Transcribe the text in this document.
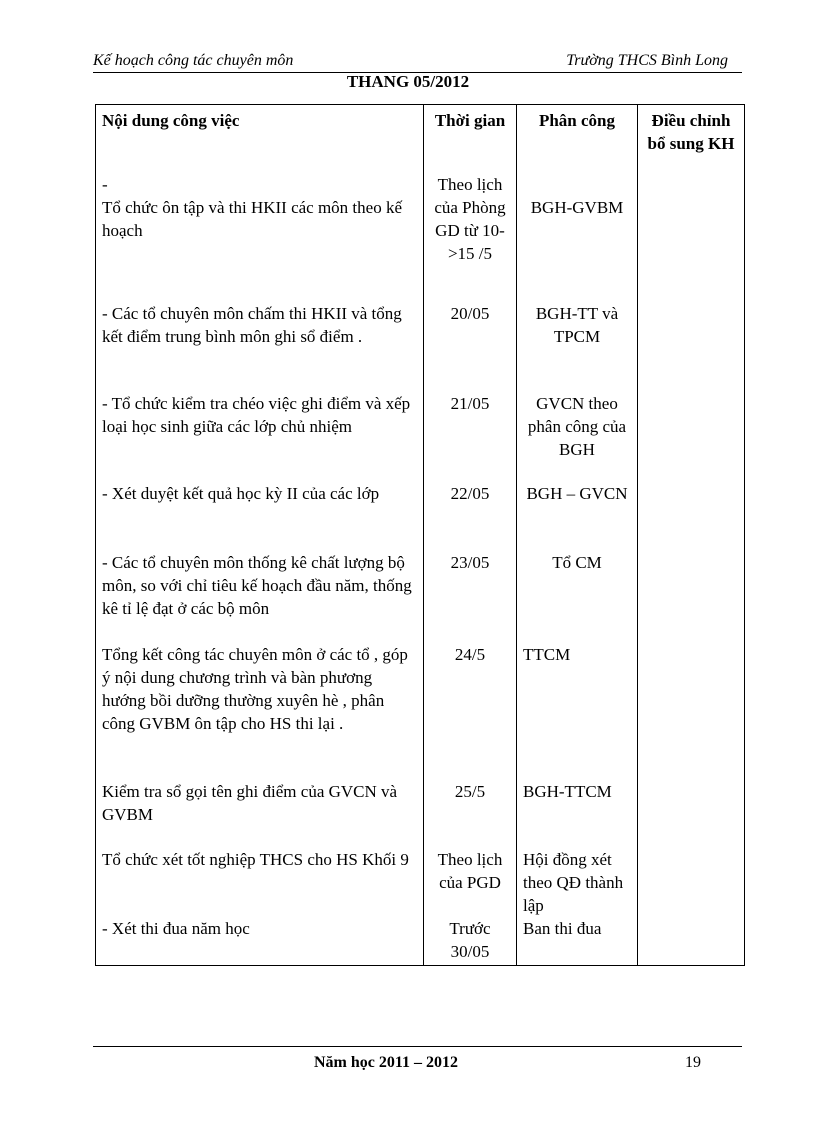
Kế hoạch công tác chuyên môn	Trường THCS Bình Long
THANG 05/2012
Nội dung công việc	Thời gian	Phân công	Điều chỉnh bổ sung KH
-
Tổ chức ôn tập và thi HKII các môn theo kế hoạch	Theo lịch của Phòng GD từ 10->15 /5	BGH-GVBM	
- Các tổ chuyên môn chấm thi HKII và tổng kết điểm trung bình môn ghi sổ điểm .	20/05	BGH-TT và TPCM	
- Tổ chức kiểm tra chéo việc ghi điểm và xếp loại học sinh giữa các lớp chủ nhiệm	21/05	GVCN theo phân công của BGH	
- Xét duyệt kết quả học kỳ II của các lớp	22/05	BGH – GVCN	
- Các tổ chuyên môn thống kê chất lượng bộ môn, so với chỉ tiêu kế hoạch đầu năm, thống kê tỉ lệ đạt ở các bộ môn	23/05	Tổ CM	
Tổng kết công tác chuyên môn ở các tổ , góp ý nội dung chương trình và bàn phương hướng bồi dưỡng thường xuyên hè , phân công GVBM ôn tập cho HS thi lại .	24/5	TTCM	
Kiểm tra sổ gọi tên ghi điểm của GVCN và GVBM	25/5	BGH-TTCM	
Tổ chức xét tốt nghiệp THCS cho HS Khối 9	Theo lịch của PGD	Hội đồng xét theo QĐ thành lập	
- Xét thi đua năm học	Trước 30/05	Ban thi đua	
Năm học 2011 – 2012	19
